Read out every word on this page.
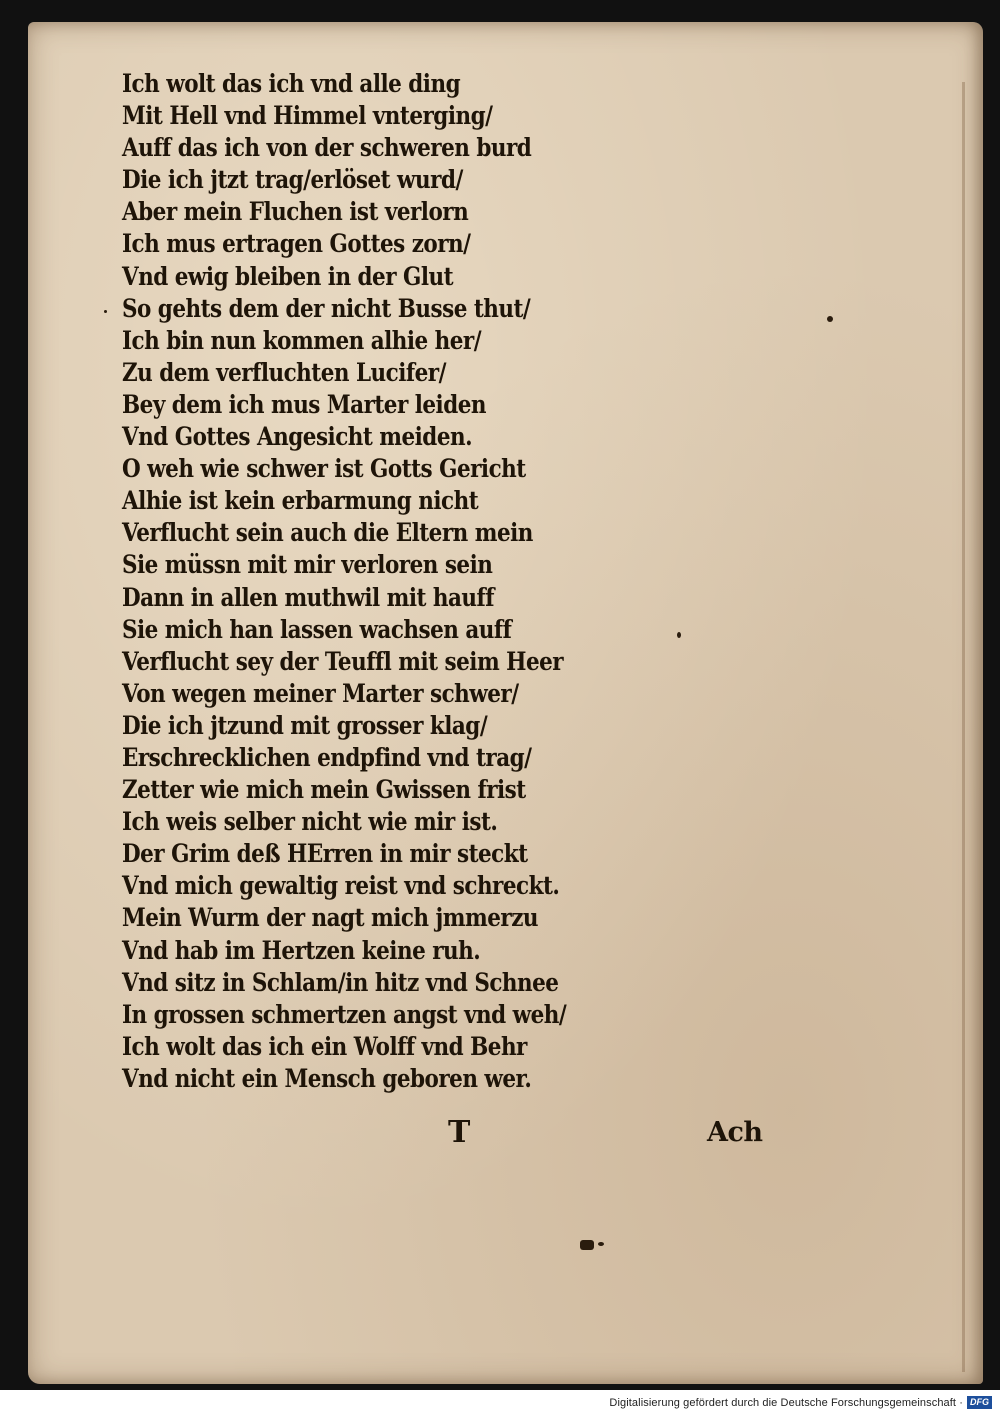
Ich wolt das ich vnd alle ding
Mit Hell vnd Himmel vnterging/
Auff das ich von der schweren burd
Die ich jtzt trag/erlöset wurd/
Aber mein Fluchen ist verlorn
Ich mus ertragen Gottes zorn/
Vnd ewig bleiben in der Glut
So gehts dem der nicht Busse thut/
Ich bin nun kommen alhie her/
Zu dem verfluchten Lucifer/
Bey dem ich mus Marter leiden
Vnd Gottes Angesicht meiden.
O weh wie schwer ist Gotts Gericht
Alhie ist kein erbarmung nicht
Verflucht sein auch die Eltern mein
Sie müssn mit mir verloren sein
Dann in allen muthwil mit hauff
Sie mich han lassen wachsen auff
Verflucht sey der Teuffl mit seim Heer
Von wegen meiner Marter schwer/
Die ich jtzund mit grosser klag/
Erschrecklichen endpfind vnd trag/
Zetter wie mich mein Gwissen frist
Ich weis selber nicht wie mir ist.
Der Grim deß HErren in mir steckt
Vnd mich gewaltig reist vnd schreckt.
Mein Wurm der nagt mich jmmerzu
Vnd hab im Hertzen keine ruh.
Vnd sitz in Schlam/in hitz vnd Schnee
In grossen schmertzen angst vnd weh/
Ich wolt das ich ein Wolff vnd Behr
Vnd nicht ein Mensch geboren wer.
T	Ach
Digitalisierung gefördert durch die Deutsche Forschungsgemeinschaft · DFG
